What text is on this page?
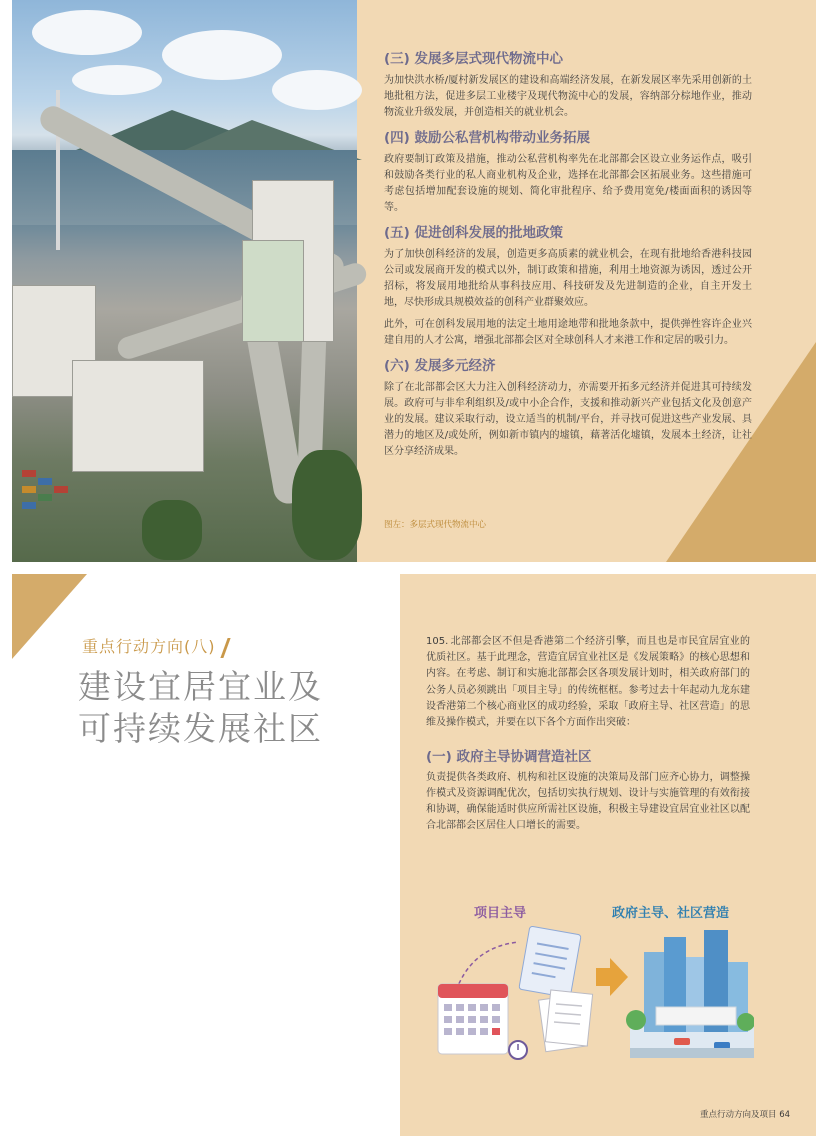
(三) 发展多层式现代物流中心
为加快洪水桥/厦村新发展区的建设和高端经济发展，在新发展区率先采用创新的土地批租方法，促进多层工业楼宇及现代物流中心的发展，容纳部分棕地作业，推动物流业升级发展，并创造相关的就业机会。
(四) 鼓励公私营机构带动业务拓展
政府要制订政策及措施，推动公私营机构率先在北部都会区设立业务运作点，吸引和鼓励各类行业的私人商业机构及企业，选择在北部都会区拓展业务。这些措施可考虑包括增加配套设施的规划、简化审批程序、给予费用宽免/楼面面积的诱因等等。
(五) 促进创科发展的批地政策
为了加快创科经济的发展，创造更多高质素的就业机会，在现有批地给香港科技园公司或发展商开发的模式以外，制订政策和措施，利用土地资源为诱因，透过公开招标，将发展用地批给从事科技应用、科技研发及先进制造的企业，自主开发土地，尽快形成具规模效益的创科产业群聚效应。
此外，可在创科发展用地的法定土地用途地带和批地条款中，提供弹性容许企业兴建自用的人才公寓，增强北部都会区对全球创科人才来港工作和定居的吸引力。
(六) 发展多元经济
除了在北部都会区大力注入创科经济动力，亦需要开拓多元经济并促进其可持续发展。政府可与非牟利组织及/或中小企合作，支援和推动新兴产业包括文化及创意产业的发展。建议采取行动，设立适当的机制/平台，并寻找可促进这些产业发展、具潜力的地区及/或处所，例如新市镇内的墟镇，藉著活化墟镇，发展本土经济，让社区分享经济成果。
图左：多层式现代物流中心
重点行动方向(八)
建设宜居宜业及
可持续发展社区
105. 北部都会区不但是香港第二个经济引擎，而且也是市民宜居宜业的优质社区。基于此理念，营造宜居宜业社区是《发展策略》的核心思想和内容。在考虑、制订和实施北部都会区各项发展计划时，相关政府部门的公务人员必须跳出「项目主导」的传统框框。参考过去十年起动九龙东建设香港第二个核心商业区的成功经验，采取「政府主导、社区营造」的思维及操作模式，并要在以下各个方面作出突破：
(一) 政府主导协调营造社区
负责提供各类政府、机构和社区设施的决策局及部门应齐心协力，调整操作模式及资源调配优次，包括切实执行规划、设计与实施管理的有效衔接和协调，确保能适时供应所需社区设施，积极主导建设宜居宜业社区以配合北部都会区居住人口增长的需要。
项目主导	政府主导、社区营造
重点行动方向及项目 64
